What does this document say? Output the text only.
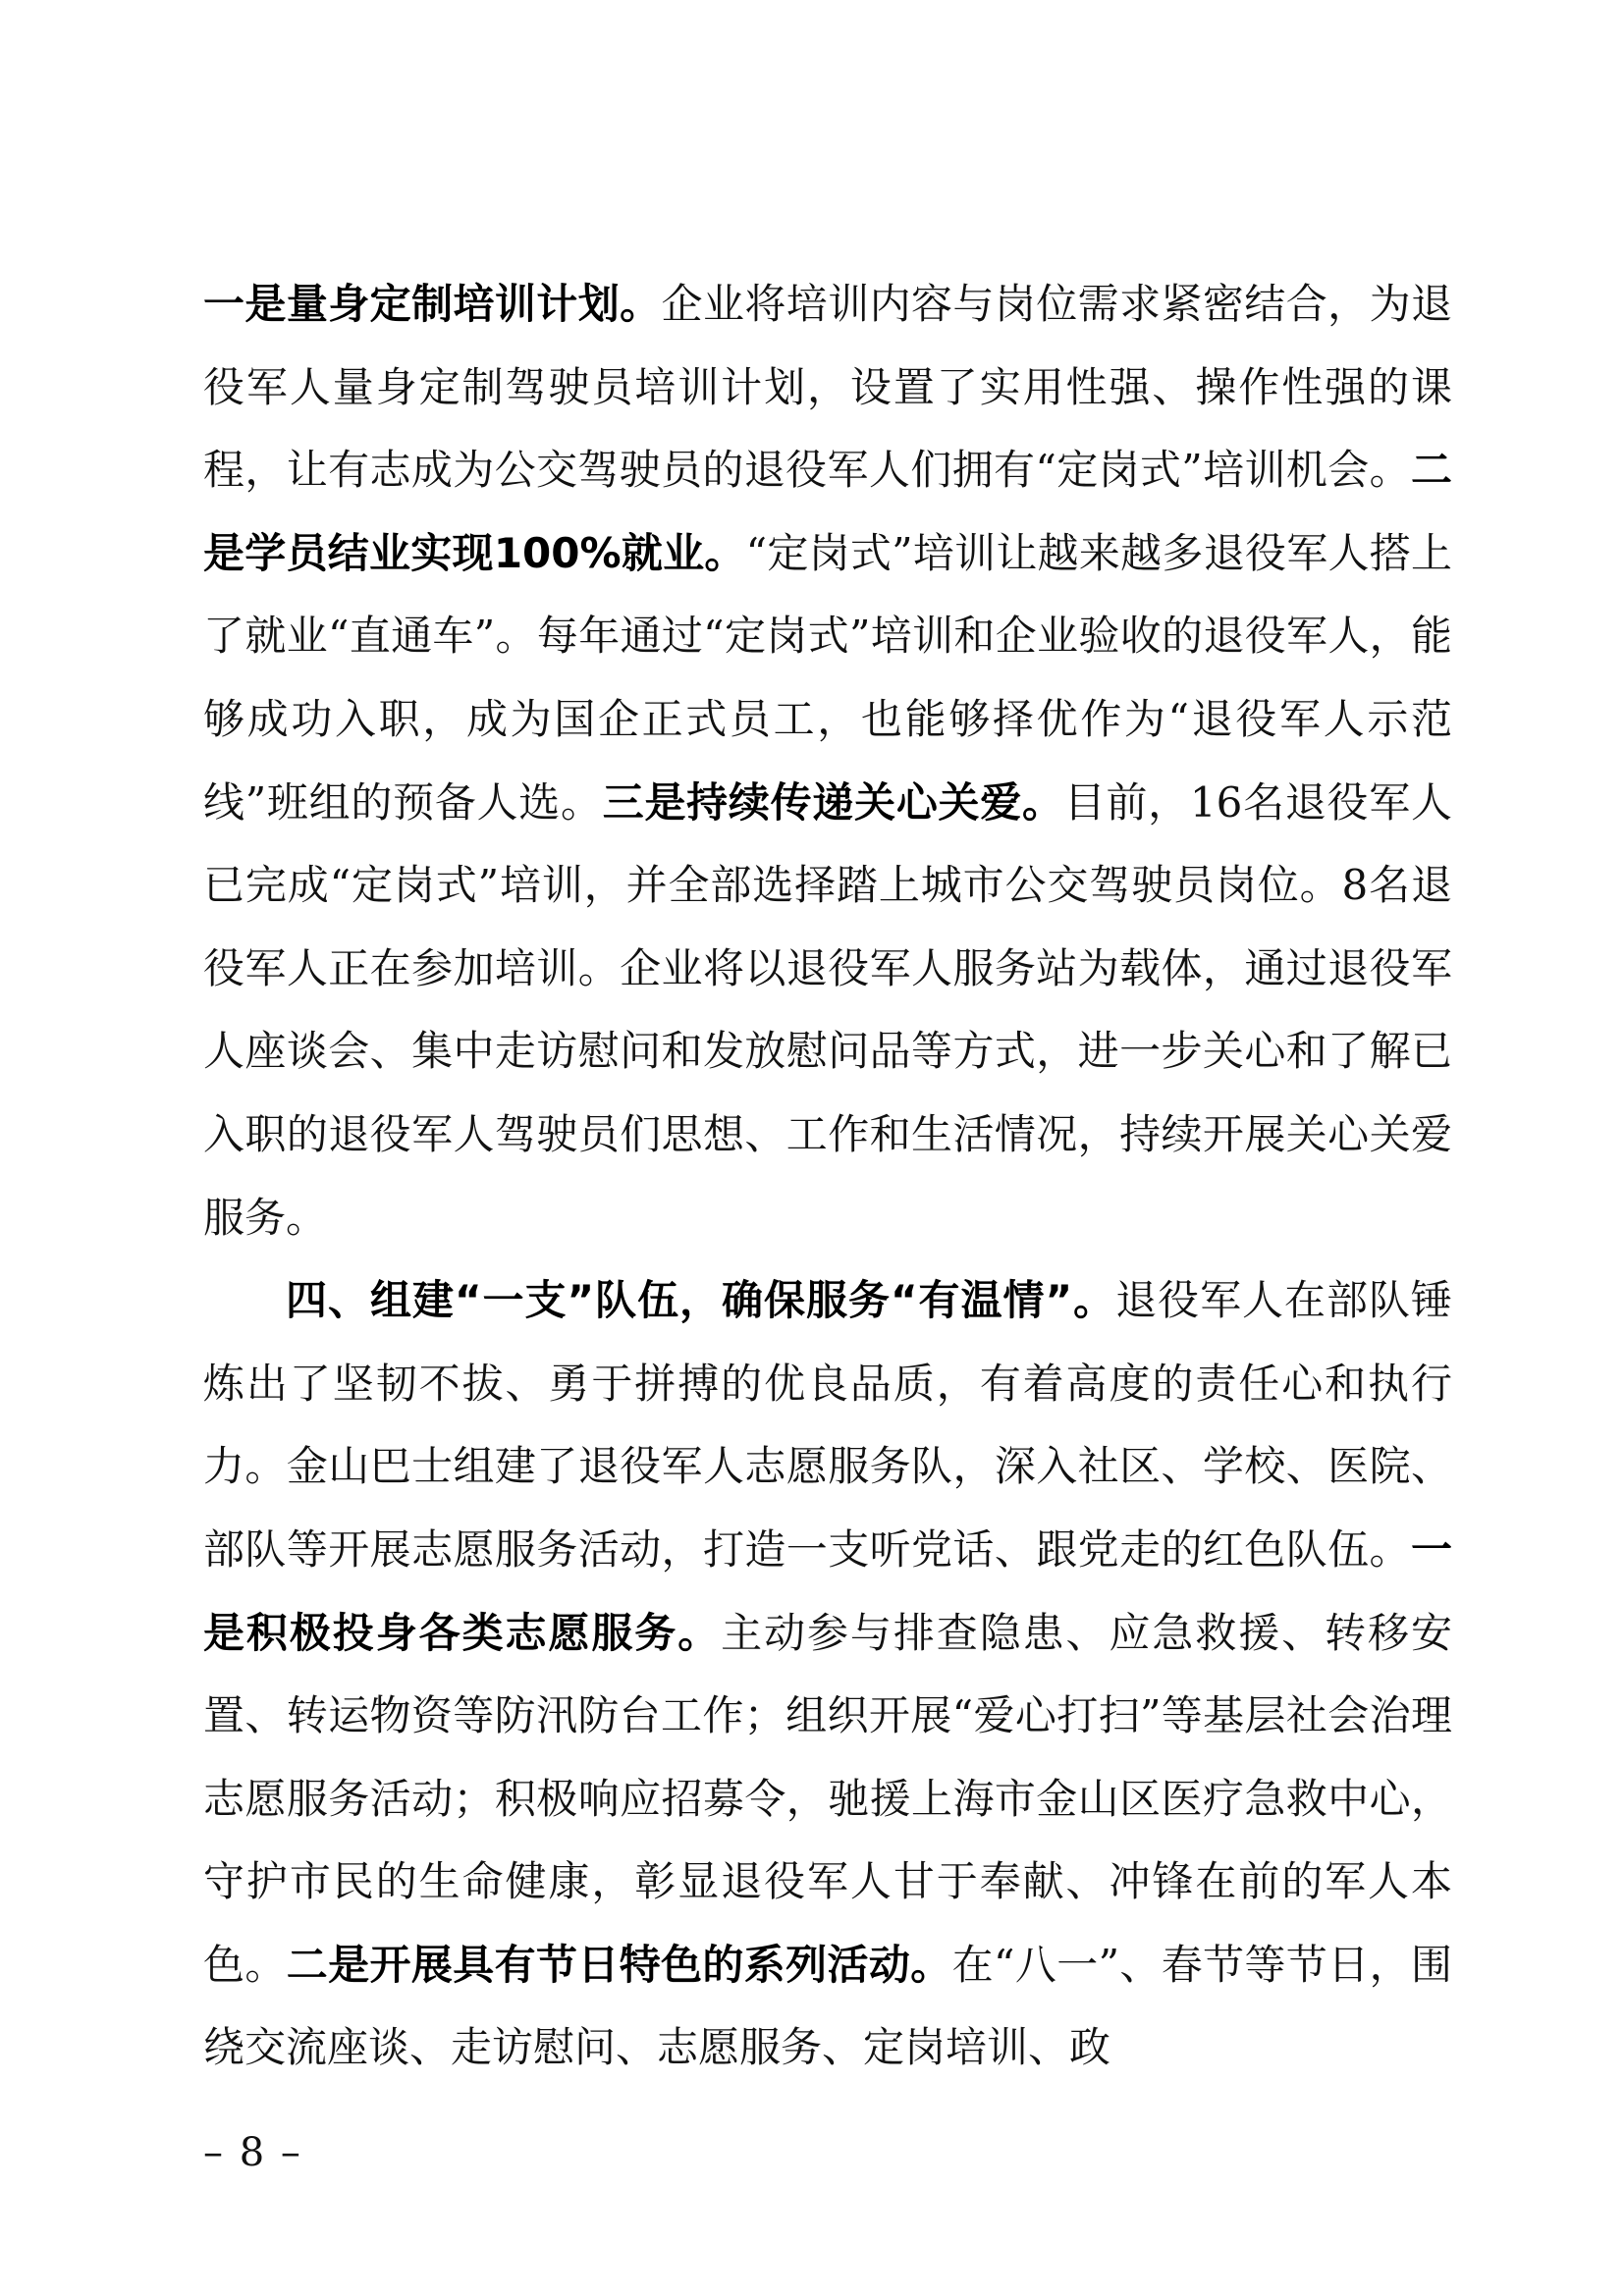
一是量身定制培训计划。企业将培训内容与岗位需求紧密结合，为退役军人量身定制驾驶员培训计划，设置了实用性强、操作性强的课程，让有志成为公交驾驶员的退役军人们拥有“定岗式”培训机会。二是学员结业实现100%就业。“定岗式”培训让越来越多退役军人搭上了就业“直通车”。每年通过“定岗式”培训和企业验收的退役军人，能够成功入职，成为国企正式员工，也能够择优作为“退役军人示范线”班组的预备人选。三是持续传递关心关爱。目前，16名退役军人已完成“定岗式”培训，并全部选择踏上城市公交驾驶员岗位。8名退役军人正在参加培训。企业将以退役军人服务站为载体，通过退役军人座谈会、集中走访慰问和发放慰问品等方式，进一步关心和了解已入职的退役军人驾驶员们思想、工作和生活情况，持续开展关心关爱服务。

四、组建“一支”队伍，确保服务“有温情”。退役军人在部队锤炼出了坚韧不拔、勇于拼搏的优良品质，有着高度的责任心和执行力。金山巴士组建了退役军人志愿服务队，深入社区、学校、医院、部队等开展志愿服务活动，打造一支听党话、跟党走的红色队伍。一是积极投身各类志愿服务。主动参与排查隐患、应急救援、转移安置、转运物资等防汛防台工作；组织开展“爱心打扫”等基层社会治理志愿服务活动；积极响应招募令，驰援上海市金山区医疗急救中心，守护市民的生命健康，彰显退役军人甘于奉献、冲锋在前的军人本色。二是开展具有节日特色的系列活动。在“八一”、春节等节日，围绕交流座谈、走访慰问、志愿服务、定岗培训、政

– 8 –
